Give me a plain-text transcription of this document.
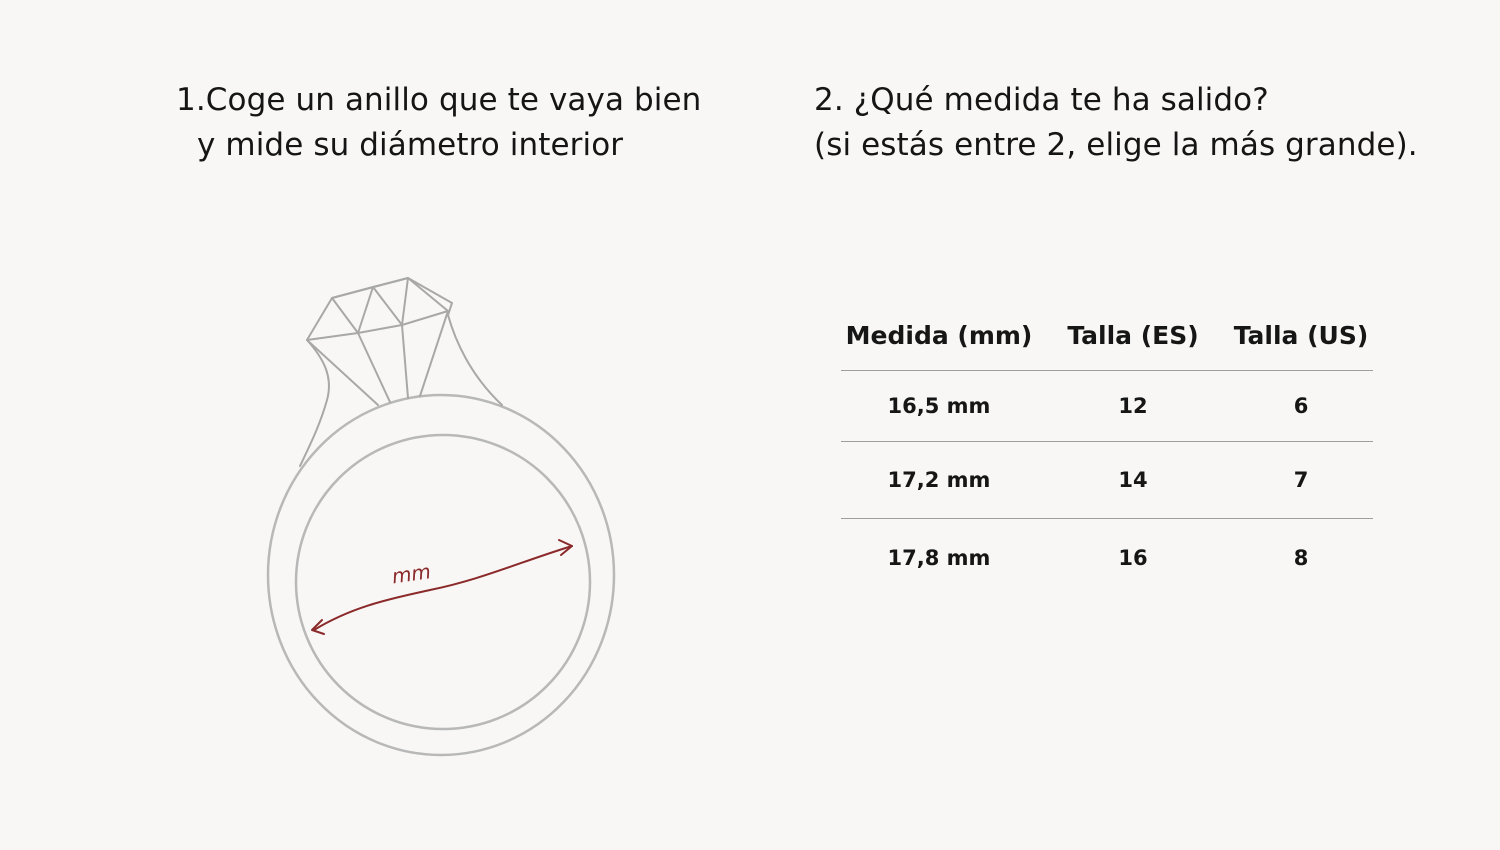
1.Coge un anillo que te vaya bien
y mide su diámetro interior
2. ¿Qué medida te ha salido?
(si estás entre 2, elige la más grande).
mm
Medida (mm)	Talla (ES)	Talla (US)
16,5 mm	12	6
17,2 mm	14	7
17,8 mm	16	8
